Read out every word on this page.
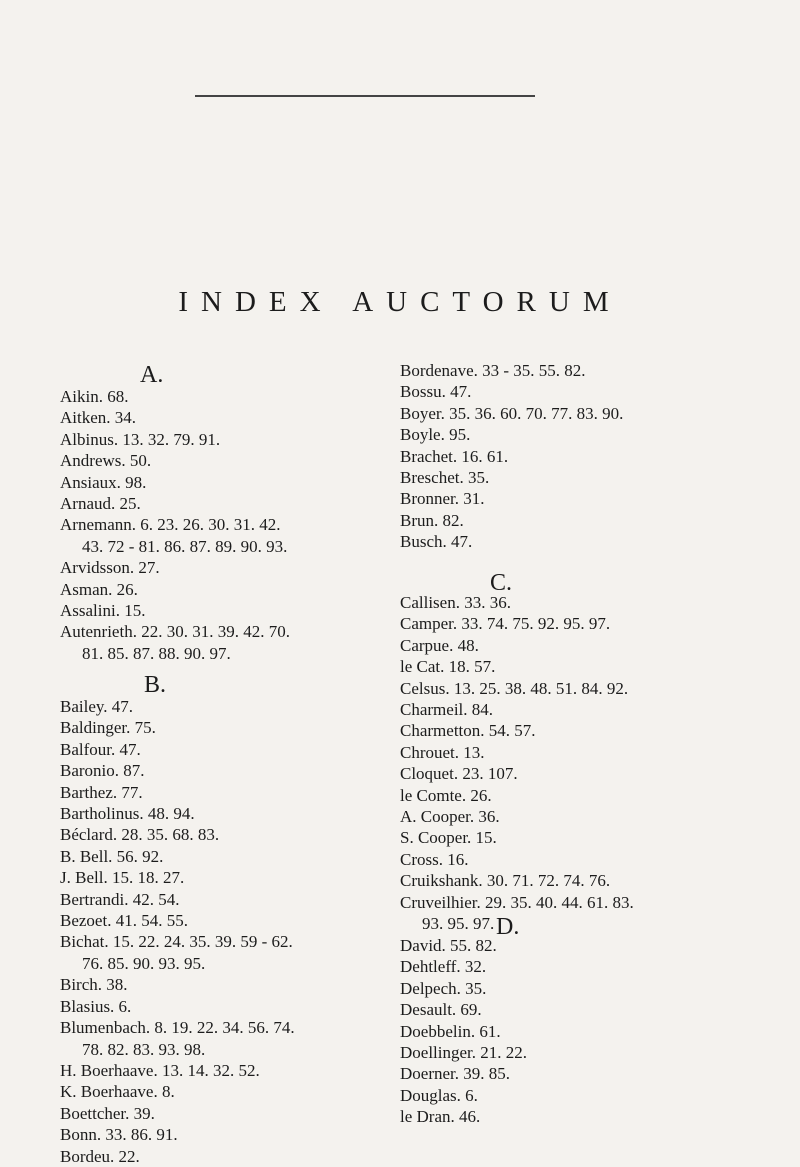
INDEX AUCTORUM
A.
Aikin. 68.
Aitken. 34.
Albinus. 13. 32. 79. 91.
Andrews. 50.
Ansiaux. 98.
Arnaud. 25.
Arnemann. 6. 23. 26. 30. 31. 42.
43. 72 - 81. 86. 87. 89. 90. 93.
Arvidsson. 27.
Asman. 26.
Assalini. 15.
Autenrieth. 22. 30. 31. 39. 42. 70.
81. 85. 87. 88. 90. 97.
B.
Bailey. 47.
Baldinger. 75.
Balfour. 47.
Baronio. 87.
Barthez. 77.
Bartholinus. 48. 94.
Béclard. 28. 35. 68. 83.
B. Bell. 56. 92.
J. Bell. 15. 18. 27.
Bertrandi. 42. 54.
Bezoet. 41. 54. 55.
Bichat. 15. 22. 24. 35. 39. 59 - 62.
76. 85. 90. 93. 95.
Birch. 38.
Blasius. 6.
Blumenbach. 8. 19. 22. 34. 56. 74.
78. 82. 83. 93. 98.
H. Boerhaave. 13. 14. 32. 52.
K. Boerhaave. 8.
Boettcher. 39.
Bonn. 33. 86. 91.
Bordeu. 22.
Bordenave. 33 - 35. 55. 82.
Bossu. 47.
Boyer. 35. 36. 60. 70. 77. 83. 90.
Boyle. 95.
Brachet. 16. 61.
Breschet. 35.
Bronner. 31.
Brun. 82.
Busch. 47.
C.
Callisen. 33. 36.
Camper. 33. 74. 75. 92. 95. 97.
Carpue. 48.
le Cat. 18. 57.
Celsus. 13. 25. 38. 48. 51. 84. 92.
Charmeil. 84.
Charmetton. 54. 57.
Chrouet. 13.
Cloquet. 23. 107.
le Comte. 26.
A. Cooper. 36.
S. Cooper. 15.
Cross. 16.
Cruikshank. 30. 71. 72. 74. 76.
Cruveilhier. 29. 35. 40. 44. 61. 83.
93. 95. 97. D.
David. 55. 82.
Dehtleff. 32.
Delpech. 35.
Desault. 69.
Doebbelin. 61.
Doellinger. 21. 22.
Doerner. 39. 85.
Douglas. 6.
le Dran. 46.
